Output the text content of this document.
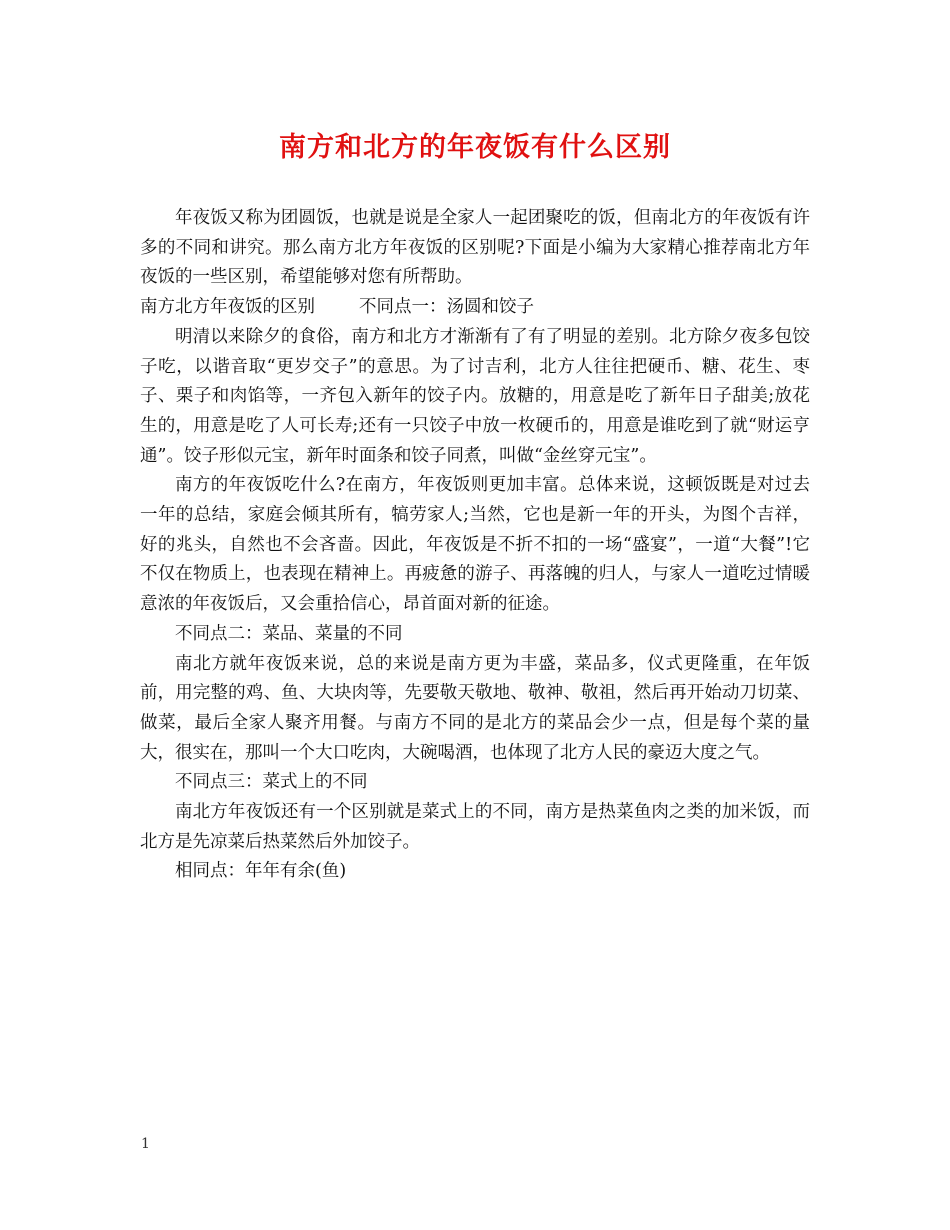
南方和北方的年夜饭有什么区别

年夜饭又称为团圆饭，也就是说是全家人一起团聚吃的饭，但南北方的年夜饭有许多的不同和讲究。那么南方北方年夜饭的区别呢?下面是小编为大家精心推荐南北方年夜饭的一些区别，希望能够对您有所帮助。

南方北方年夜饭的区别	不同点一：汤圆和饺子

明清以来除夕的食俗，南方和北方才渐渐有了有了明显的差别。北方除夕夜多包饺子吃，以谐音取“更岁交子”的意思。为了讨吉利，北方人往往把硬币、糖、花生、枣子、栗子和肉馅等，一齐包入新年的饺子内。放糖的，用意是吃了新年日子甜美;放花生的，用意是吃了人可长寿;还有一只饺子中放一枚硬币的，用意是谁吃到了就“财运亨通”。饺子形似元宝，新年时面条和饺子同煮，叫做“金丝穿元宝”。

南方的年夜饭吃什么?在南方，年夜饭则更加丰富。总体来说，这顿饭既是对过去一年的总结，家庭会倾其所有，犒劳家人;当然，它也是新一年的开头，为图个吉祥，好的兆头，自然也不会吝啬。因此，年夜饭是不折不扣的一场“盛宴”，一道“大餐”!它不仅在物质上，也表现在精神上。再疲惫的游子、再落魄的归人，与家人一道吃过情暖意浓的年夜饭后，又会重拾信心，昂首面对新的征途。

不同点二：菜品、菜量的不同

南北方就年夜饭来说，总的来说是南方更为丰盛，菜品多，仪式更隆重，在年饭前，用完整的鸡、鱼、大块肉等，先要敬天敬地、敬神、敬祖，然后再开始动刀切菜、做菜，最后全家人聚齐用餐。与南方不同的是北方的菜品会少一点，但是每个菜的量大，很实在，那叫一个大口吃肉，大碗喝酒，也体现了北方人民的豪迈大度之气。

不同点三：菜式上的不同

南北方年夜饭还有一个区别就是菜式上的不同，南方是热菜鱼肉之类的加米饭，而北方是先凉菜后热菜然后外加饺子。

相同点：年年有余(鱼)

1
